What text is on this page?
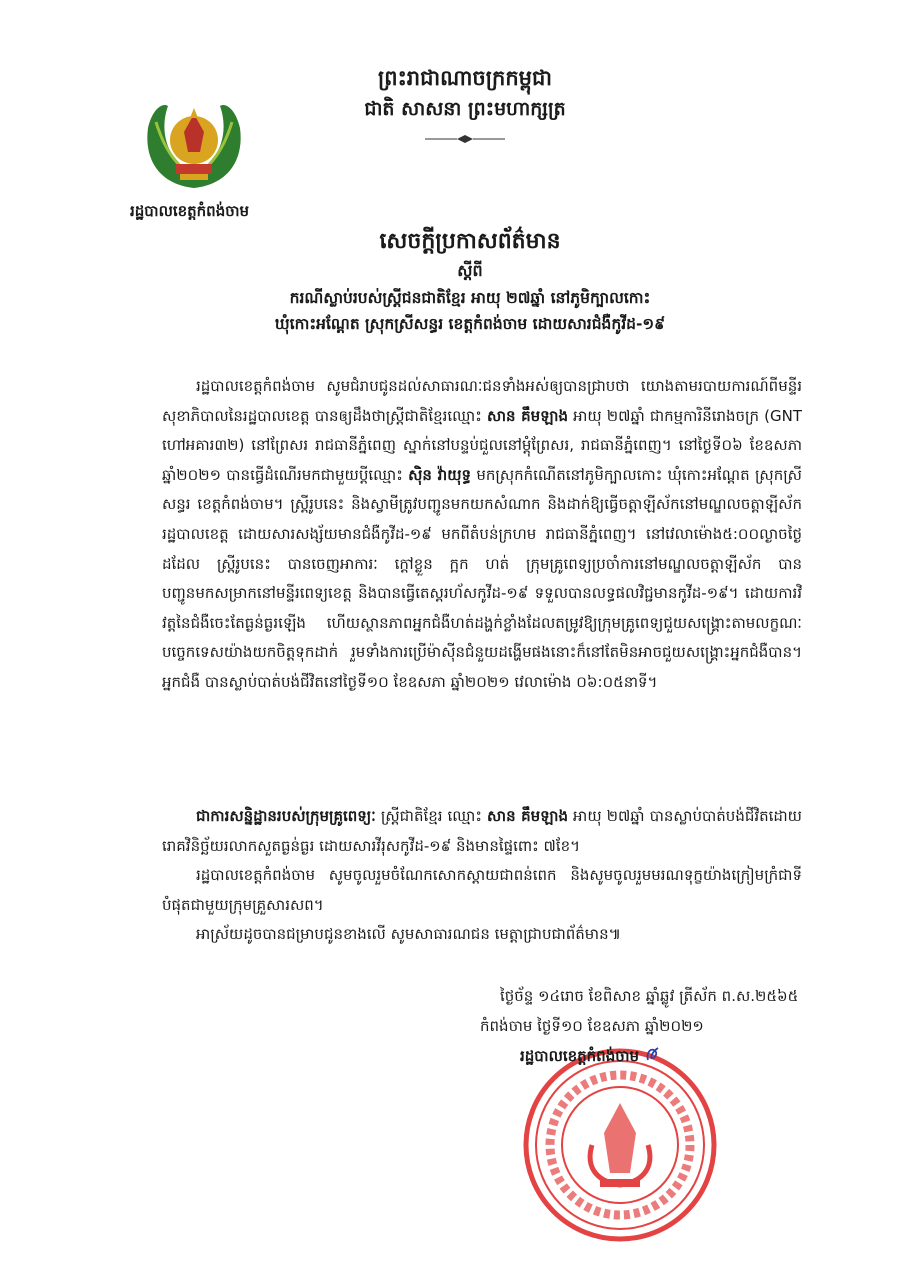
ព្រះរាជាណាចក្រកម្ពុជា
ជាតិ សាសនា ព្រះមហាក្សត្រ
រដ្ឋបាលខេត្តកំពង់ចាម
សេចក្ដីប្រកាសព័ត៌មាន
ស្ដីពី
ករណីស្លាប់របស់ស្ត្រីជនជាតិខ្មែរ អាយុ ២៧ឆ្នាំ នៅភូមិក្បាលកោះ
ឃុំកោះអណ្ដែត ស្រុកស្រីសន្ធរ ខេត្តកំពង់ចាម ដោយសារជំងឺកូវីដ-១៩

រដ្ឋបាលខេត្តកំពង់ចាម សូមជំរាបជូនដល់សាធារណៈជនទាំងអស់ឲ្យបានជ្រាបថា យោងតាមរបាយការណ៍ពីមន្ទីរសុខាភិបាលនៃរដ្ឋបាលខេត្ត បានឲ្យដឹងថាស្ត្រីជាតិខ្មែរឈ្មោះ សាន គឹមឡាង អាយុ ២៧ឆ្នាំ ជាកម្មការិនីរោងចក្រ (GNT ហៅអគារ៣២) នៅព្រែសរ រាជធានីភ្នំពេញ ស្នាក់នៅបន្ទប់ជួលនៅម្ដុំព្រែសរ, រាជធានីភ្នំពេញ។ នៅថ្ងៃទី០៦ ខែឧសភា ឆ្នាំ២០២១ បានធ្វើដំណើរមកជាមួយប្ដីឈ្មោះ ស៊ិន វ៉ាយុទ្ធ មកស្រុកកំណើតនៅភូមិក្បាលកោះ ឃុំកោះអណ្ដែត ស្រុកស្រីសន្ធរ ខេត្តកំពង់ចាម។ ស្ត្រីរូបនេះ និងស្វាមីត្រូវបញ្ជូនមកយកសំណាក និងដាក់ឱ្យធ្វើចត្តាឡីស័កនៅមណ្ឌលចត្តាឡីស័ករដ្ឋបាលខេត្ត ដោយសារសង្ស័យមានជំងឺកូវីដ-១៩ មកពីតំបន់ក្រហម រាជធានីភ្នំពេញ។ នៅវេលាម៉ោង៥:០០ល្ងាចថ្ងៃដដែល ស្ត្រីរូបនេះ បានចេញអាការៈ ក្ដៅខ្លួន ក្អក ហត់ ក្រុមគ្រូពេទ្យប្រចាំការនៅមណ្ឌលចត្តាឡីស័ក បានបញ្ជូនមកសម្រាកនៅមន្ទីរពេទ្យខេត្ត និងបានធ្វើតេស្តរហ័សកូវីដ-១៩ ទទួលបានលទ្ធផលវិជ្ជមានកូវីដ-១៩។ ដោយការវិវត្តនៃជំងឺចេះតែធ្ងន់ធ្ងរឡើង ហើយស្ថានភាពអ្នកជំងឺហត់ដង្ហក់ខ្លាំងដែលតម្រូវឱ្យក្រុមគ្រូពេទ្យជួយសង្គ្រោះតាមលក្ខណៈបច្ចេកទេសយ៉ាងយកចិត្តទុកដាក់ រួមទាំងការប្រើម៉ាស៊ីនជំនួយដង្ហើមផងនោះក៏នៅតែមិនអាចជួយសង្គ្រោះអ្នកជំងឺបាន។ អ្នកជំងឺ បានស្លាប់បាត់បង់ជីវិតនៅថ្ងៃទី១០ ខែឧសភា ឆ្នាំ២០២១ វេលាម៉ោង ០៦:០៥នាទី។

ជាការសន្និដ្ឋានរបស់ក្រុមគ្រូពេទ្យៈ ស្ត្រីជាតិខ្មែរ ឈ្មោះ សាន គឹមឡាង អាយុ ២៧ឆ្នាំ បានស្លាប់បាត់បង់ជីវិតដោយរោគវិនិច្ឆ័យរលាកសួតធ្ងន់ធ្ងរ ដោយសារវីរុសកូវីដ-១៩ និងមានផ្ទៃពោះ ៧ខែ។

រដ្ឋបាលខេត្តកំពង់ចាម សូមចូលរួមចំណែកសោកស្ដាយជាពន់ពេក និងសូមចូលរួមមរណទុក្ខយ៉ាងក្រៀមក្រំជាទីបំផុតជាមួយក្រុមគ្រួសារសព។

អាស្រ័យដូចបានជម្រាបជូនខាងលើ សូមសាធារណជន មេត្តាជ្រាបជាព័ត៌មាន៕

ថ្ងៃច័ន្ទ ១៤រោច ខែពិសាខ ឆ្នាំឆ្លូវ ត្រីស័ក ព.ស.២៥៦៥
កំពង់ចាម ថ្ងៃទី១០ ខែឧសភា ឆ្នាំ២០២១
រដ្ឋបាលខេត្តកំពង់ចាម
